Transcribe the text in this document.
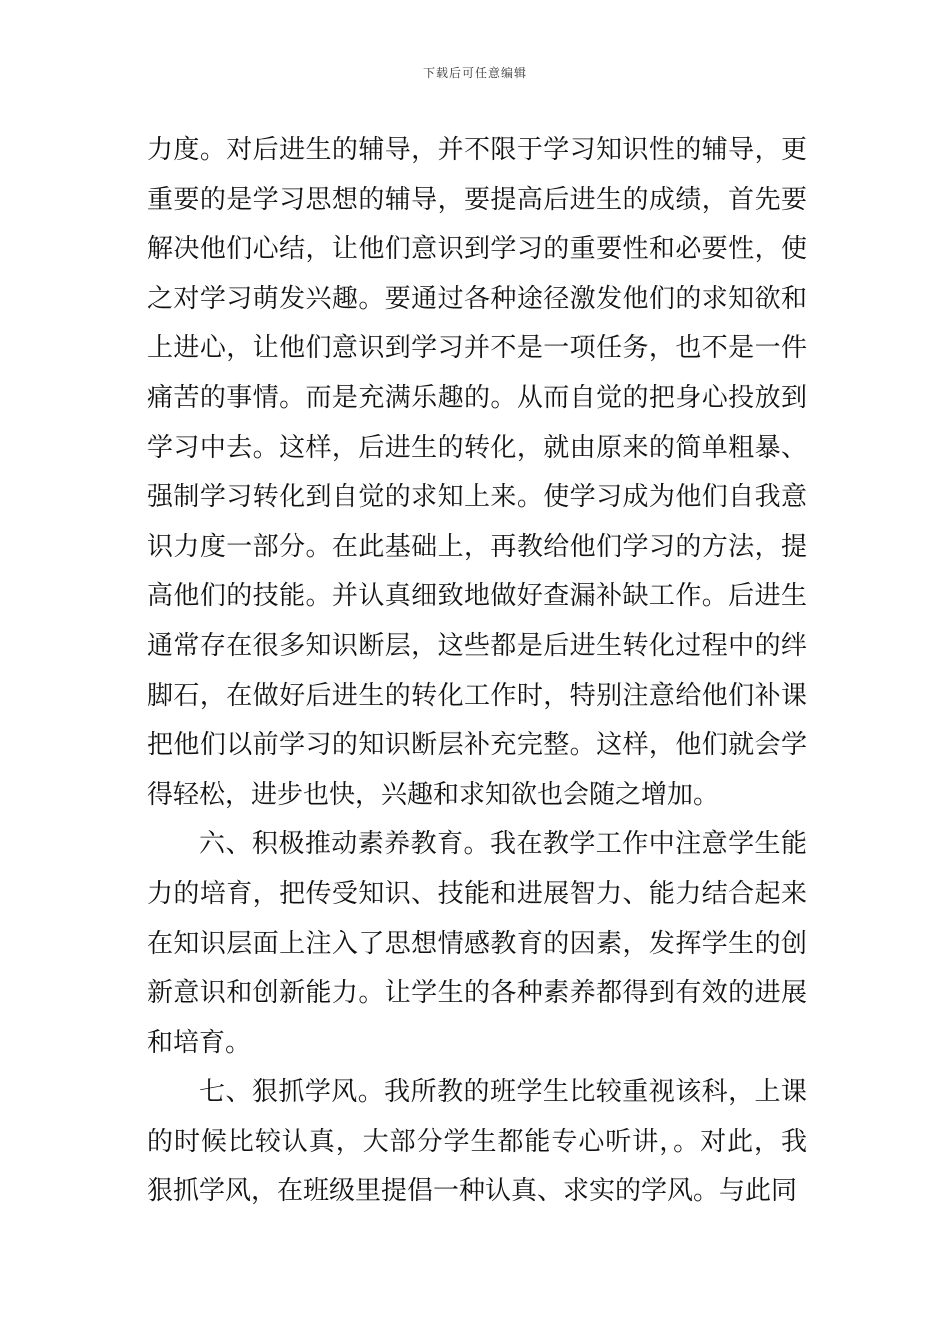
下载后可任意编辑

力度。对后进生的辅导，并不限于学习知识性的辅导，更重要的是学习思想的辅导，要提高后进生的成绩，首先要解决他们心结，让他们意识到学习的重要性和必要性，使之对学习萌发兴趣。要通过各种途径激发他们的求知欲和上进心，让他们意识到学习并不是一项任务，也不是一件痛苦的事情。而是充满乐趣的。从而自觉的把身心投放到学习中去。这样，后进生的转化，就由原来的简单粗暴、强制学习转化到自觉的求知上来。使学习成为他们自我意识力度一部分。在此基础上，再教给他们学习的方法，提高他们的技能。并认真细致地做好查漏补缺工作。后进生通常存在很多知识断层，这些都是后进生转化过程中的绊脚石，在做好后进生的转化工作时，特别注意给他们补课把他们以前学习的知识断层补充完整。这样，他们就会学得轻松，进步也快，兴趣和求知欲也会随之增加。

六、积极推动素养教育。我在教学工作中注意学生能力的培育，把传受知识、技能和进展智力、能力结合起来在知识层面上注入了思想情感教育的因素，发挥学生的创新意识和创新能力。让学生的各种素养都得到有效的进展和培育。

七、狠抓学风。我所教的班学生比较重视该科，上课的时候比较认真，大部分学生都能专心听讲，。对此，我狠抓学风，在班级里提倡一种认真、求实的学风。与此同
